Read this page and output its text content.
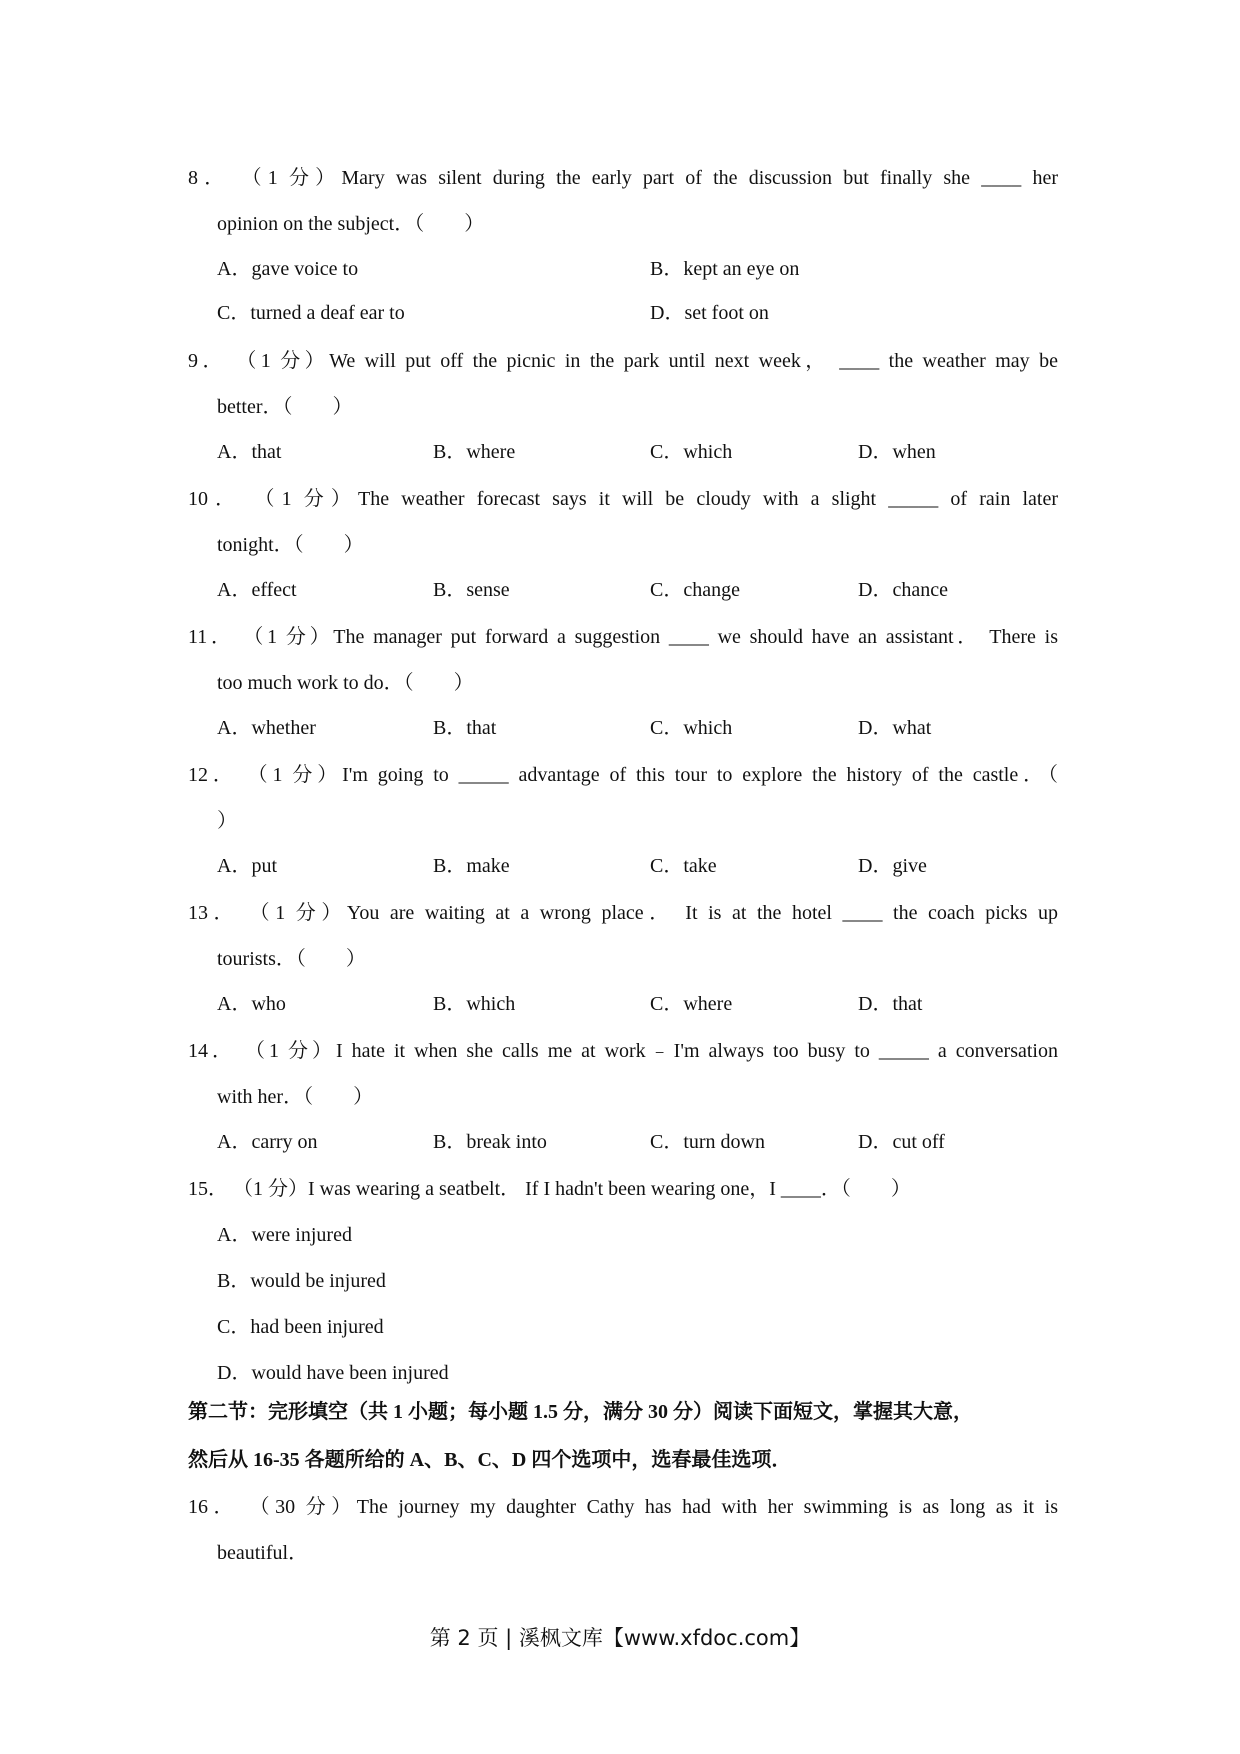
8． （1 分）Mary was silent during the early part of the discussion but finally she ____ her
opinion on the subject．（　　）
A．gave voice to	B．kept an eye on
C．turned a deaf ear to	D．set foot on
9． （1 分）We will put off the picnic in the park until next week， ____ the weather may be
better．（　　）
A．that	B．where	C．which	D．when
10． （1 分）The weather forecast says it will be cloudy with a slight _____ of rain later
tonight．（　　）
A．effect	B．sense	C．change	D．chance
11． （1 分）The manager put forward a suggestion ____ we should have an assistant． There is
too much work to do．（　　）
A．whether	B．that	C．which	D．what
12． （1 分）I'm going to _____ advantage of this tour to explore the history of the castle．（
）
A．put	B．make	C．take	D．give
13． （1 分）You are waiting at a wrong place． It is at the hotel ____ the coach picks up
tourists．（　　）
A．who	B．which	C．where	D．that
14． （1 分）I hate it when she calls me at work﹣I'm always too busy to _____ a conversation
with her．（　　）
A．carry on	B．break into	C．turn down	D．cut off
15． （1 分）I was wearing a seatbelt． If I hadn't been wearing one，I ____．（　　）
A．were injured
B．would be injured
C．had been injured
D．would have been injured
第二节：完形填空（共 1 小题；每小题 1.5 分，满分 30 分）阅读下面短文，掌握其大意，
然后从 16-35 各题所给的 A、B、C、D 四个选项中，选春最佳选项．
16． （30 分）The journey my daughter Cathy has had with her swimming is as long as it is
beautiful．
第 2 页 | 溪枫文库【www.xfdoc.com】
